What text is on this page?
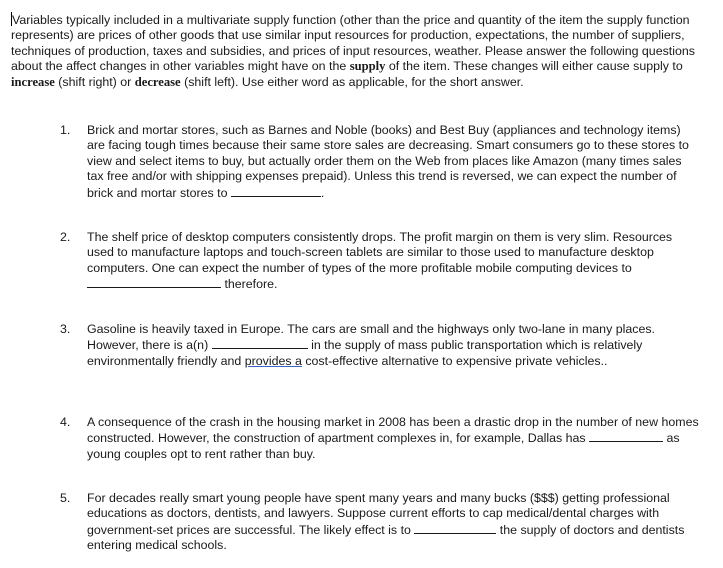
Variables typically included in a multivariate supply function (other than the price and quantity of the item the supply function represents) are prices of other goods that use similar input resources for production, expectations, the number of suppliers, techniques of production, taxes and subsidies, and prices of input resources, weather. Please answer the following questions about the affect changes in other variables might have on the supply of the item. These changes will either cause supply to increase (shift right) or decrease (shift left). Use either word as applicable, for the short answer.
1.	Brick and mortar stores, such as Barnes and Noble (books) and Best Buy (appliances and technology items) are facing tough times because their same store sales are decreasing. Smart consumers go to these stores to view and select items to buy, but actually order them on the Web from places like Amazon (many times sales tax free and/or with shipping expenses prepaid). Unless this trend is reversed, we can expect the number of brick and mortar stores to	.
2.	The shelf price of desktop computers consistently drops. The profit margin on them is very slim. Resources used to manufacture laptops and touch-screen tablets are similar to those used to manufacture desktop computers. One can expect the number of types of the more profitable mobile computing devices to  therefore.
3.	Gasoline is heavily taxed in Europe. The cars are small and the highways only two-lane in many places. However, there is a(n)	in the supply of mass public transportation which is relatively environmentally friendly and provides a cost-effective alternative to expensive private vehicles..
4.	A consequence of the crash in the housing market in 2008 has been a drastic drop in the number of new homes constructed. However, the construction of apartment complexes in, for example, Dallas has	as young couples opt to rent rather than buy.
5.	For decades really smart young people have spent many years and many bucks ($$$) getting professional educations as doctors, dentists, and lawyers. Suppose current efforts to cap medical/dental charges with government-set prices are successful. The likely effect is to	the supply of doctors and dentists entering medical schools.
